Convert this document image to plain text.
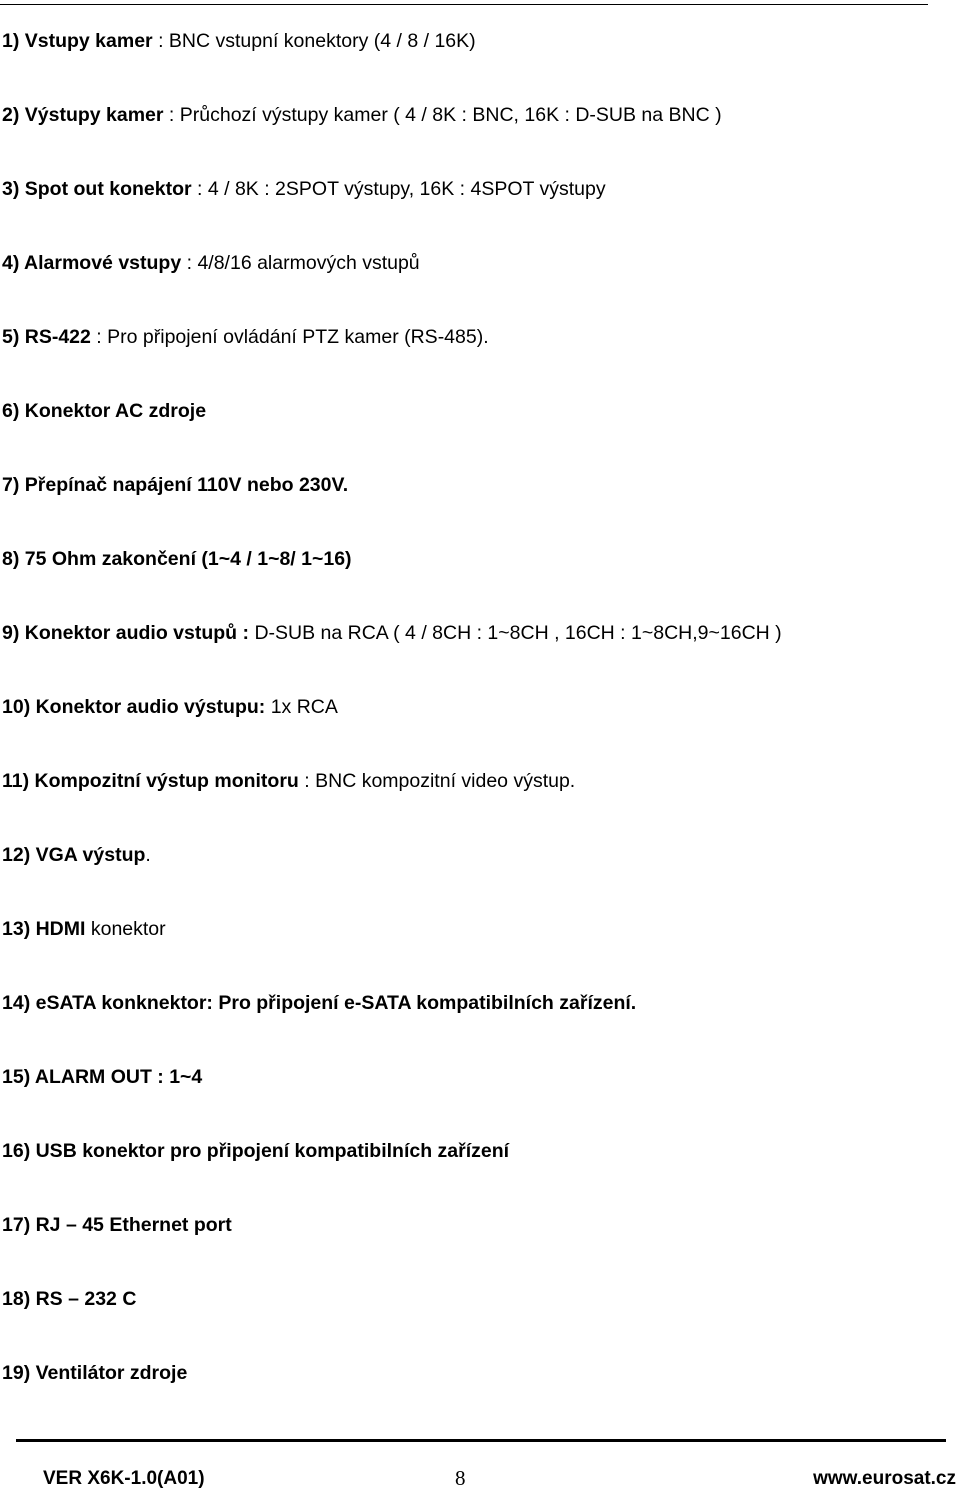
1) Vstupy kamer : BNC vstupní konektory (4 / 8 / 16K)
2) Výstupy kamer : Průchozí výstupy kamer ( 4 / 8K : BNC, 16K : D-SUB na BNC )
3) Spot out konektor : 4 / 8K : 2SPOT výstupy, 16K : 4SPOT výstupy
4) Alarmové vstupy : 4/8/16 alarmových vstupů
5) RS-422 : Pro připojení ovládání PTZ kamer (RS-485).
6) Konektor AC zdroje
7) Přepínač napájení 110V nebo 230V.
8) 75 Ohm zakončení (1~4 / 1~8/ 1~16)
9) Konektor audio vstupů : D-SUB na RCA ( 4 / 8CH : 1~8CH , 16CH : 1~8CH,9~16CH )
10) Konektor audio výstupu: 1x RCA
11) Kompozitní výstup monitoru : BNC kompozitní video výstup.
12) VGA výstup.
13) HDMI konektor
14) eSATA konknektor: Pro připojení e-SATA kompatibilních zařízení.
15) ALARM OUT : 1~4
16) USB konektor pro připojení kompatibilních zařízení
17) RJ – 45 Ethernet port
18) RS – 232 C
19) Ventilátor zdroje
VER X6K-1.0(A01)	8	www.eurosat.cz
